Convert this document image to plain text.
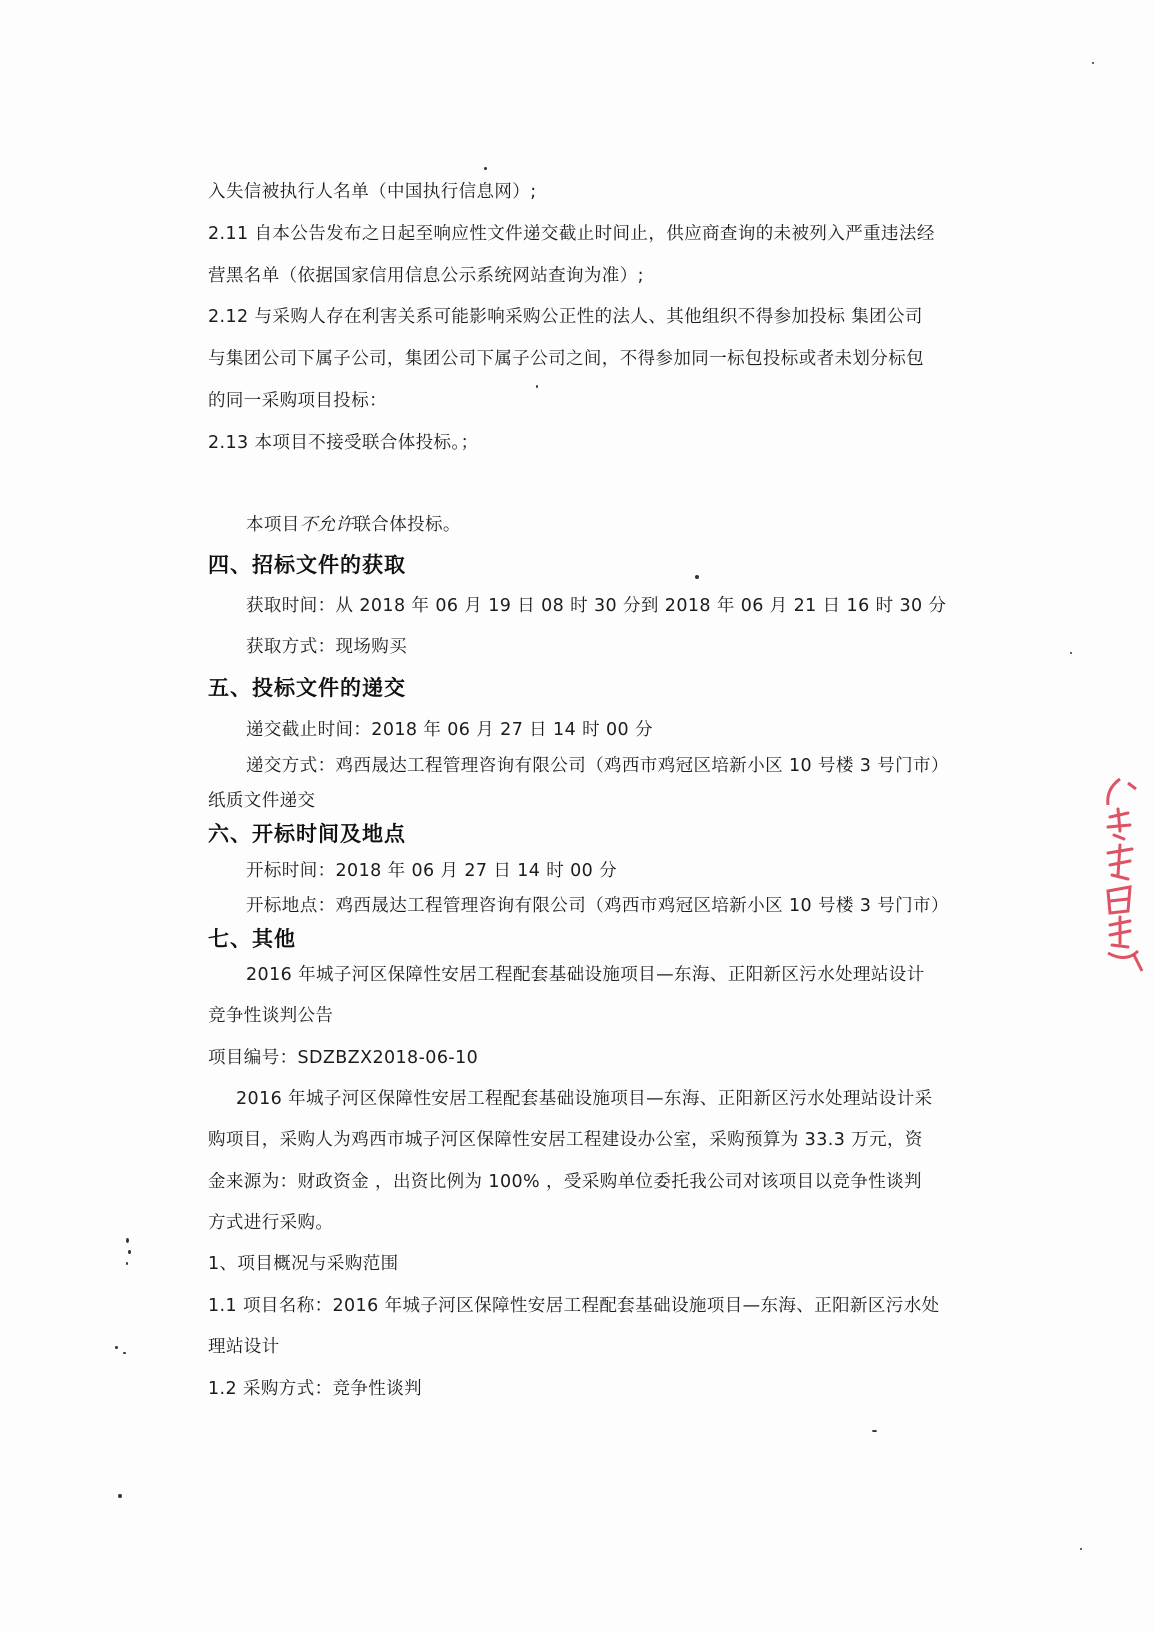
入失信被执行人名单（中国执行信息网）;
2.11 自本公告发布之日起至响应性文件递交截止时间止，供应商查询的未被列入严重违法经
营黑名单（依据国家信用信息公示系统网站查询为准）;
2.12 与采购人存在利害关系可能影响采购公正性的法人、其他组织不得参加投标 集团公司
与集团公司下属子公司，集团公司下属子公司之间，不得参加同一标包投标或者未划分标包
的同一采购项目投标：
2.13 本项目不接受联合体投标。；
本项目不允许联合体投标。
四、招标文件的获取
获取时间：从 2018 年 06 月 19 日 08 时 30 分到 2018 年 06 月 21 日 16 时 30 分
获取方式：现场购买
五、投标文件的递交
递交截止时间：2018 年 06 月 27 日 14 时 00 分
递交方式：鸡西晟达工程管理咨询有限公司（鸡西市鸡冠区培新小区 10 号楼 3 号门市）
纸质文件递交
六、开标时间及地点
开标时间：2018 年 06 月 27 日 14 时 00 分
开标地点：鸡西晟达工程管理咨询有限公司（鸡西市鸡冠区培新小区 10 号楼 3 号门市）
七、其他
2016 年城子河区保障性安居工程配套基础设施项目—东海、正阳新区污水处理站设计
竞争性谈判公告
项目编号：SDZBZX2018-06-10
2016 年城子河区保障性安居工程配套基础设施项目—东海、正阳新区污水处理站设计采
购项目，采购人为鸡西市城子河区保障性安居工程建设办公室，采购预算为 33.3 万元，资
金来源为：财政资金 ，出资比例为 100% ，受采购单位委托我公司对该项目以竞争性谈判
方式进行采购。
1、项目概况与采购范围
1.1 项目名称：2016 年城子河区保障性安居工程配套基础设施项目—东海、正阳新区污水处
理站设计
1.2 采购方式：竞争性谈判
